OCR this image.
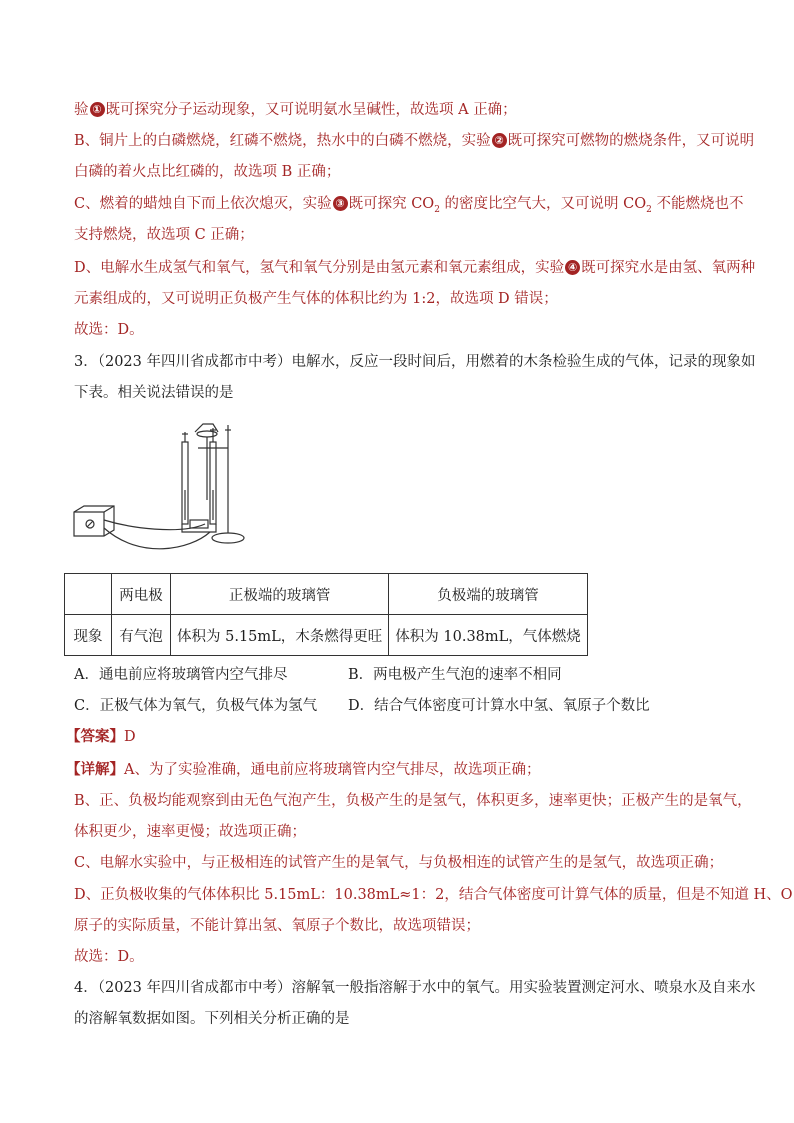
验 ① 既可探究分子运动现象，又可说明氨水呈碱性，故选项 A 正确；
B、铜片上的白磷燃烧，红磷不燃烧，热水中的白磷不燃烧，实验 ② 既可探究可燃物的燃烧条件，又可说明
白磷的着火点比红磷的，故选项 B 正确；
C、燃着的蜡烛自下而上依次熄灭，实验 ③ 既可探究 $CO_2$ 的密度比空气大，又可说明 $CO_2$ 不能燃烧也不
支持燃烧，故选项 C 正确；
D、电解水生成氢气和氧气，氢气和氧气分别是由氢元素和氧元素组成，实验 ④ 既可探究水是由氢、氧两种
元素组成的，又可说明正负极产生气体的体积比约为 1:2，故选项 D 错误；
故选：D。
3．（2023 年四川省成都市中考）电解水，反应一段时间后，用燃着的木条检验生成的气体，记录的现象如
下表。相关说法错误的是
	两电极	正极端的玻璃管	负极端的玻璃管
现象	有气泡	体积为 5.15mL，木条燃得更旺	体积为 10.38mL，气体燃烧
A．通电前应将玻璃管内空气排尽	B．两电极产生气泡的速率不相同
C．正极气体为氧气，负极气体为氢气 D．结合气体密度可计算水中氢、氧原子个数比
【答案】D
【详解】A、为了实验准确，通电前应将玻璃管内空气排尽，故选项正确；
B、正、负极均能观察到由无色气泡产生，负极产生的是氢气，体积更多，速率更快；正极产生的是氧气，
体积更少，速率更慢；故选项正确；
C、电解水实验中，与正极相连的试管产生的是氧气，与负极相连的试管产生的是氢气，故选项正确；
D、正负极收集的气体体积比 5.15mL：10.38mL≈1：2，结合气体密度可计算气体的质量，但是不知道 H、O
原子的实际质量，不能计算出氢、氧原子个数比，故选项错误；
故选：D。
4．（2023 年四川省成都市中考）溶解氧一般指溶解于水中的氧气。用实验装置测定河水、喷泉水及自来水
的溶解氧数据如图。下列相关分析正确的是
